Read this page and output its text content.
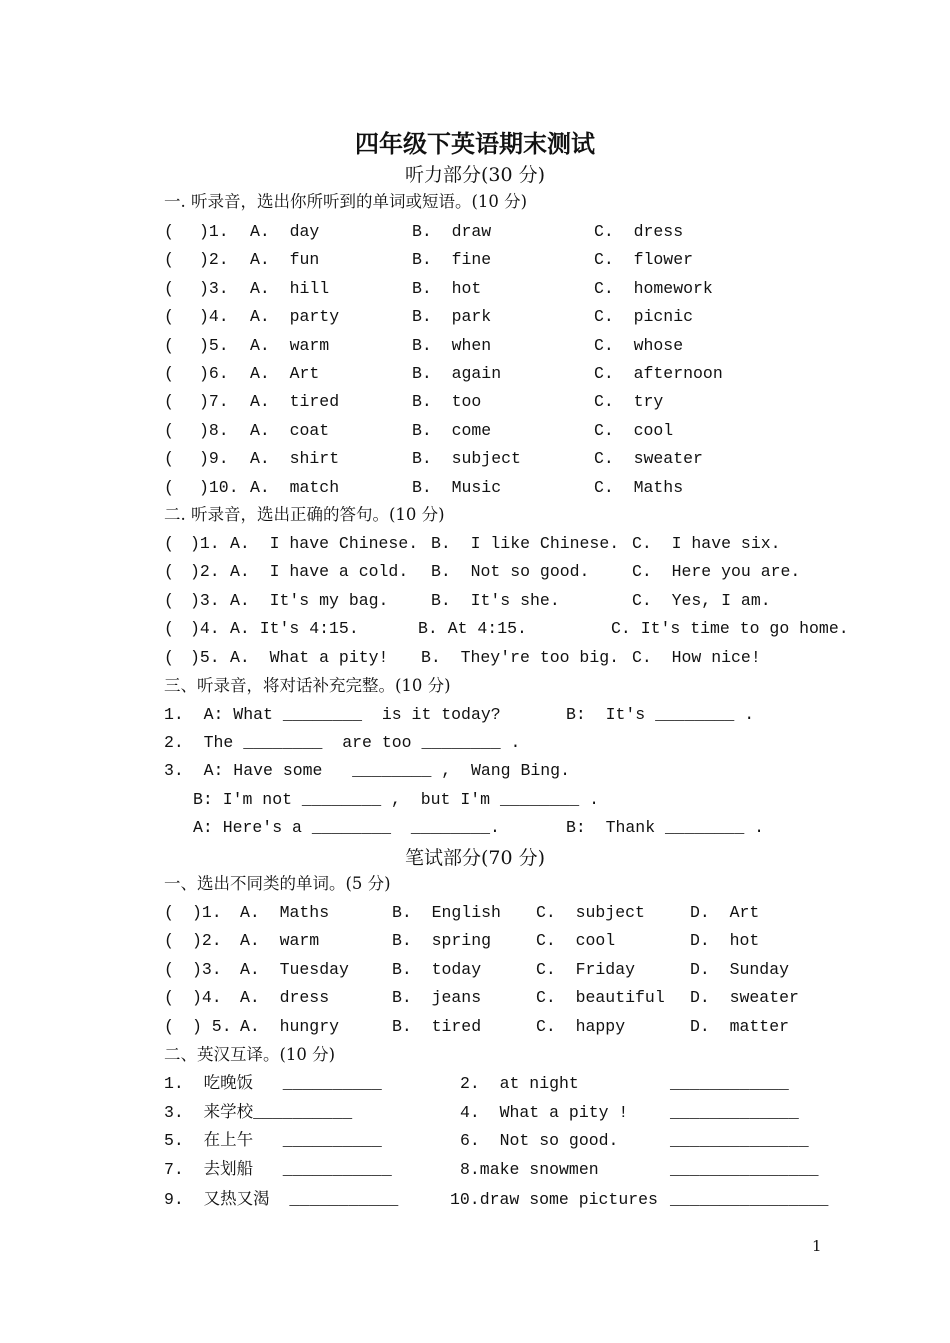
四年级下英语期末测试
听力部分(30 分)
一. 听录音，选出你所听到的单词或短语。(10 分)
( )1. A.  day	B.  draw	C.  dress
( )2. A.  fun	B.  fine	C.  flower
( )3. A.  hill	B.  hot	C.  homework
( )4. A.  party	B.  park	C.  picnic
( )5. A.  warm	B.  when	C.  whose
( )6. A.  Art	B.  again	C.  afternoon
( )7. A.  tired	B.  too	C.  try
( )8. A.  coat	B.  come	C.  cool
( )9. A.  shirt	B.  subject	C.  sweater
( )10. A.  match	B.  Music	C.  Maths
二. 听录音，选出正确的答句。(10 分)
( )1. A.  I have Chinese. B.  I like Chinese. C.  I have six.
( )2. A.  I have a cold. B.  Not so good.	C.  Here you are.
( )3. A.  It's my bag.	B.  It's she.	C.  Yes, I am.
( )4. A. It's 4:15.	B. At 4:15.	C. It's time to go home.
( )5. A.  What a pity! B.  They're too big. C.  How nice!
三、听录音，将对话补充完整。(10 分)
1.  A: What ________  is it today?	B:  It's ________ .
2.  The ________  are too ________ .
3.  A: Have some   ________ ,  Wang Bing.
B: I'm not ________ ,  but I'm ________ .
A: Here's a ________  ________.	B:  Thank ________ .
笔试部分(70 分)
一、选出不同类的单词。(5 分)
( )1. A.  Maths	B.  English C.  subject	D.  Art
( )2. A.  warm	B.  spring	C.  cool	D.  hot
( )3. A.  Tuesday	B.  today	C.  Friday	D.  Sunday
( )4. A.  dress	B.  jeans	C.  beautiful D.  sweater
( ) 5. A.  hungry	B.  tired	C.  happy	D.  matter
二、英汉互译。(10 分)
1.  吃晚饭   __________	2.  at night	____________
3.  来学校__________	4.  What a pity !	_____________
5.  在上午   __________	6.  Not so good.	______________
7.  去划船   ___________	8.make snowmen	_______________
9.  又热又渴  ___________	10.draw some pictures ________________
1
